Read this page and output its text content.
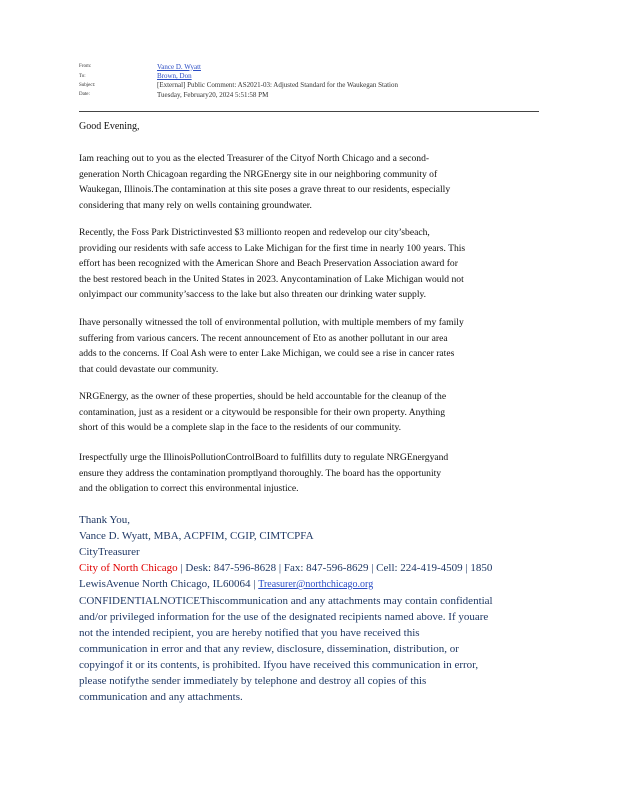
From:	Vance D. Wyatt
To:	Brown, Don
Subject:	[External] Public Comment: AS2021-03: Adjusted Standard for the Waukegan Station
Date:	Tuesday, February20, 2024 5:51:58 PM
Good Evening,

Iam reaching out to you as the elected Treasurer of the Cityof North Chicago and a second-

generation North Chicagoan regarding the NRGEnergy site in our neighboring community of

Waukegan, Illinois.The contamination at this site poses a grave threat to our residents, especially

considering that many rely on wells containing groundwater.

Recently, the Foss Park Districtinvested $3 millionto reopen and redevelop our city’sbeach,

providing our residents with safe access to Lake Michigan for the first time in nearly 100 years. This

effort has been recognized with the American Shore and Beach Preservation Association award for

the best restored beach in the United States in 2023. Anycontamination of Lake Michigan would not

onlyimpact our community’saccess to the lake but also threaten our drinking water supply.

Ihave personally witnessed the toll of environmental pollution, with multiple members of my family

suffering from various cancers. The recent announcement of Eto as another pollutant in our area

adds to the concerns. If Coal Ash were to enter Lake Michigan, we could see a rise in cancer rates

that could devastate our community.

NRGEnergy, as the owner of these properties, should be held accountable for the cleanup of the

contamination, just as a resident or a citywould be responsible for their own property. Anything

short of this would be a complete slap in the face to the residents of our community.

Irespectfully urge the IllinoisPollutionControlBoard to fulfillits duty to regulate NRGEnergyand

ensure they address the contamination promptlyand thoroughly. The board has the opportunity

and the obligation to correct this environmental injustice.

Thank You,

Vance D. Wyatt, MBA, ACPFIM, CGIP, CIMTCPFA

CityTreasurer

City of North Chicago | Desk: 847-596-8628 | Fax: 847-596-8629 | Cell: 224-419-4509 | 1850

LewisAvenue North Chicago, IL60064 | Treasurer@northchicago.org

CONFIDENTIALNOTICEThiscommunication and any attachments may contain confidential

and/or privileged information for the use of the designated recipients named above. If youare

not the intended recipient, you are hereby notified that you have received this

communication in error and that any review, disclosure, dissemination, distribution, or

copyingof it or its contents, is prohibited. Ifyou have received this communication in error,

please notifythe sender immediately by telephone and destroy all copies of this

communication and any attachments.
